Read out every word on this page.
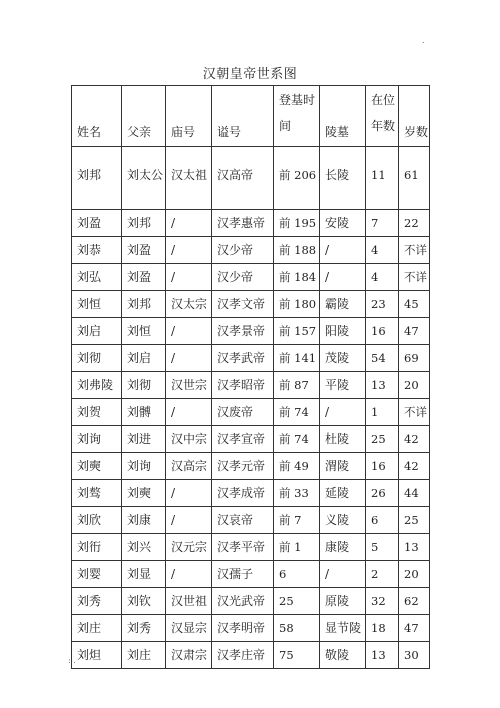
.
汉朝皇帝世系图
姓名	父亲	庙号	谥号	登基时间	陵墓	在位年数	岁数
刘邦	刘太公	汉太祖	汉高帝	前 206	长陵	11	61
刘盈	刘邦	/	汉孝惠帝	前 195	安陵	7	22
刘恭	刘盈	/	汉少帝	前 188	/	4	不详
刘弘	刘盈	/	汉少帝	前 184	/	4	不详
刘恒	刘邦	汉太宗	汉孝文帝	前 180	霸陵	23	45
刘启	刘恒	/	汉孝景帝	前 157	阳陵	16	47
刘彻	刘启	/	汉孝武帝	前 141	茂陵	54	69
刘弗陵	刘彻	汉世宗	汉孝昭帝	前 87	平陵	13	20
刘贺	刘髆	/	汉废帝	前 74	/	1	不详
刘询	刘进	汉中宗	汉孝宣帝	前 74	杜陵	25	42
刘奭	刘询	汉高宗	汉孝元帝	前 49	渭陵	16	42
刘骜	刘奭	/	汉孝成帝	前 33	延陵	26	44
刘欣	刘康	/	汉哀帝	前 7	义陵	6	25
刘衎	刘兴	汉元宗	汉孝平帝	前 1	康陵	5	13
刘婴	刘显	/	汉孺子	6	/	2	20
刘秀	刘钦	汉世祖	汉光武帝	25	原陵	32	62
刘庄	刘秀	汉显宗	汉孝明帝	58	显节陵	18	47
刘炟	刘庄	汉肃宗	汉孝庄帝	75	敬陵	13	30
: .
